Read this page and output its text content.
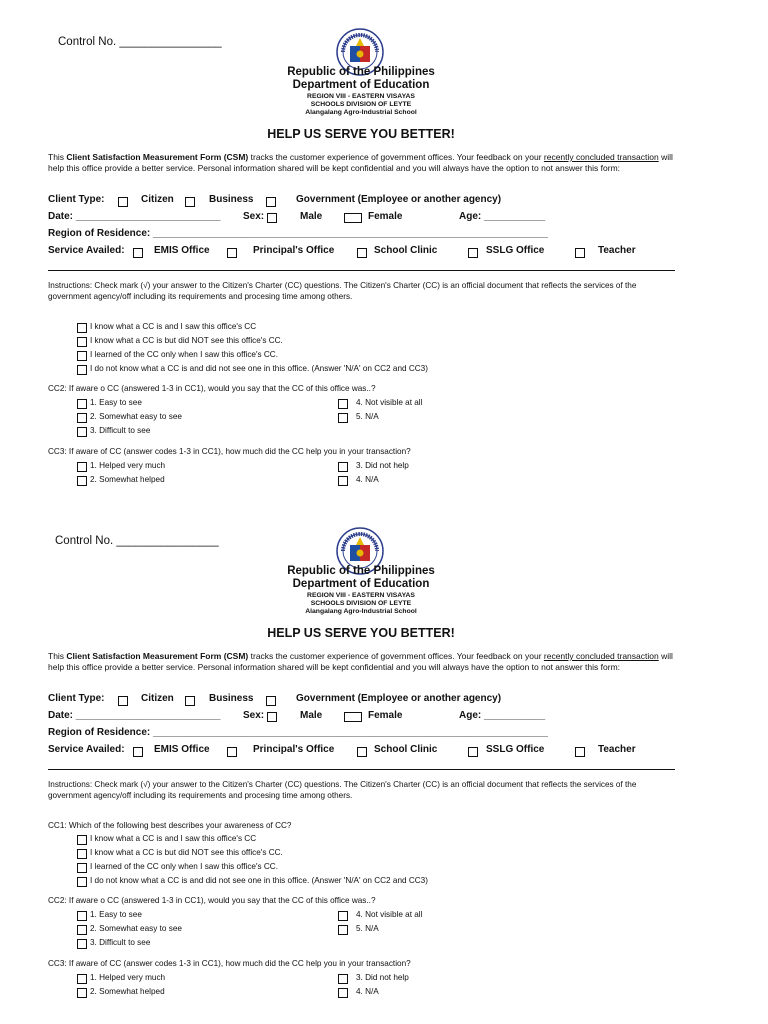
Control No. ________________
Republic of the Philippines
Department of Education
REGION VIII - EASTERN VISAYAS
SCHOOLS DIVISION OF LEYTE
Alangalang Agro-Industrial School
HELP US SERVE YOU BETTER!
This Client Satisfaction Measurement Form (CSM) tracks the customer experience of government offices. Your feedback on your recently concluded transaction will help this office provide a better service. Personal information shared will be kept confidential and you will always have the option to not answer this form:
Client Type:	Citizen	Business	Government (Employee or another agency)
Date: __________________________ Sex:	Male	Female	Age: ___________
Region of Residence: _______________________________________________________________________
Service Availed:	EMIS Office	Principal's Office	School Clinic	SSLG Office	Teacher
Instructions: Check mark (√) your answer to the Citizen's Charter (CC) questions. The Citizen's Charter (CC) is an official document that reflects the services of the government agency/off including its requirements and procesing time among others.
I know what a CC is and I saw this office's CC
I know what a CC is but did NOT see this office's CC.
I learned of the CC only when I saw this office's CC.
I do not know what a CC is and did not see one in this office. (Answer 'N/A' on CC2 and CC3)
CC2: If aware o CC (answered 1-3 in CC1), would you say that the CC of this office was..?
1. Easy to see
2. Somewhat easy to see
3. Difficult to see
4. Not visible at all
5. N/A
CC3: If aware of CC (answer codes 1-3 in CC1), how much did the CC help you in your transaction?
1. Helped very much
2. Somewhat helped
3. Did not help
4. N/A
Control No. ________________
Republic of the Philippines
Department of Education
REGION VIII - EASTERN VISAYAS
SCHOOLS DIVISION OF LEYTE
Alangalang Agro-Industrial School
HELP US SERVE YOU BETTER!
This Client Satisfaction Measurement Form (CSM) tracks the customer experience of government offices. Your feedback on your recently concluded transaction will help this office provide a better service. Personal information shared will be kept confidential and you will always have the option to not answer this form:
Client Type:	Citizen	Business	Government (Employee or another agency)
Date: __________________________ Sex:	Male	Female	Age: ___________
Region of Residence: _______________________________________________________________________
Service Availed:	EMIS Office	Principal's Office	School Clinic	SSLG Office	Teacher
Instructions: Check mark (√) your answer to the Citizen's Charter (CC) questions. The Citizen's Charter (CC) is an official document that reflects the services of the government agency/off including its requirements and procesing time among others.
CC1: Which of the following best describes your awareness of CC?
I know what a CC is and I saw this office's CC
I know what a CC is but did NOT see this office's CC.
I learned of the CC only when I saw this office's CC.
I do not know what a CC is and did not see one in this office. (Answer 'N/A' on CC2 and CC3)
CC2: If aware o CC (answered 1-3 in CC1), would you say that the CC of this office was..?
1. Easy to see
2. Somewhat easy to see
3. Difficult to see
4. Not visible at all
5. N/A
CC3: If aware of CC (answer codes 1-3 in CC1), how much did the CC help you in your transaction?
1. Helped very much
2. Somewhat helped
3. Did not help
4. N/A
